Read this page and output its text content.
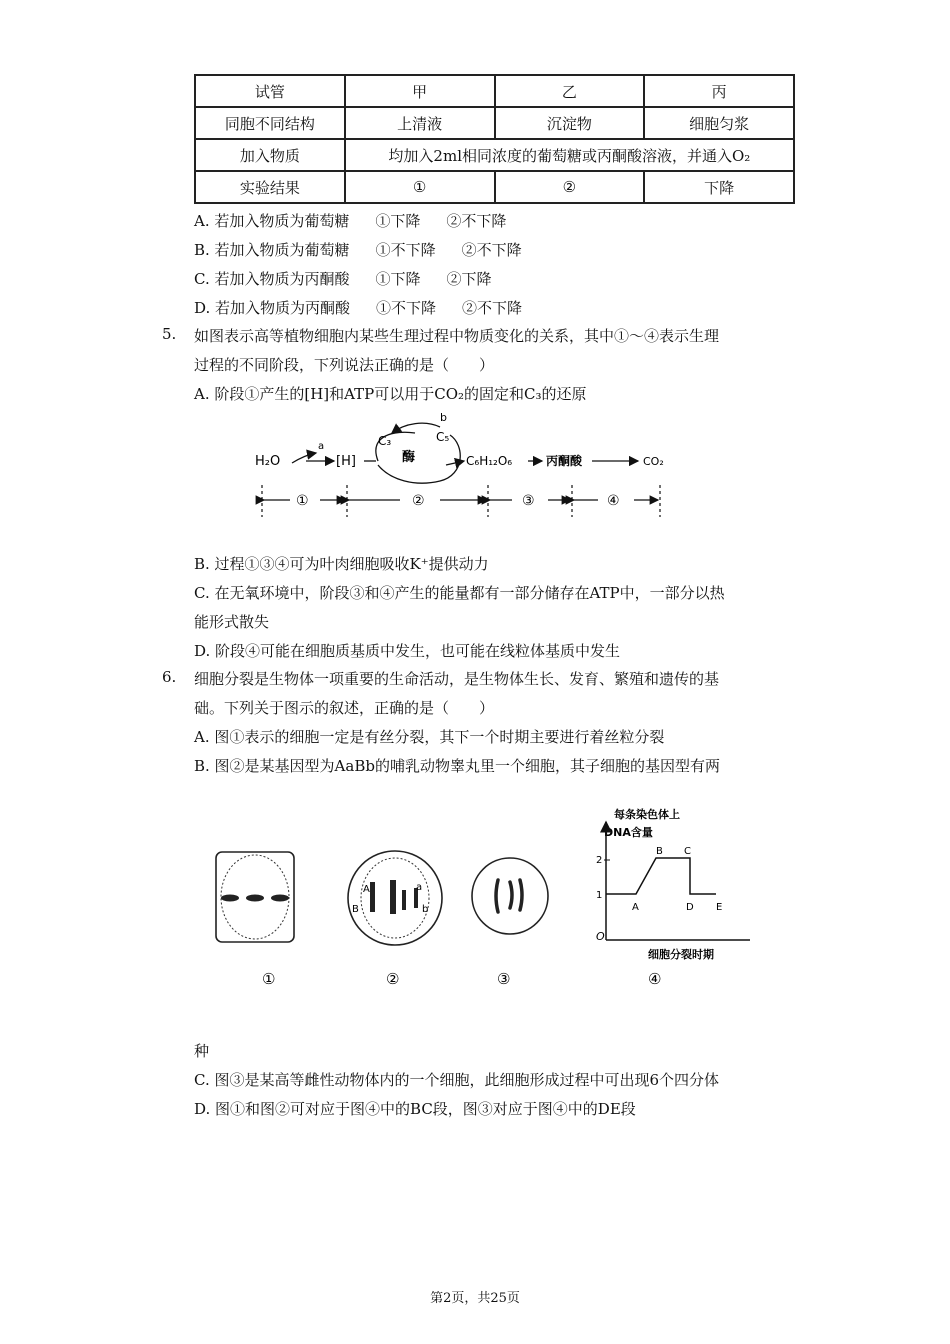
试管	甲	乙	丙
同胞不同结构	上清液	沉淀物	细胞匀浆
加入物质	均加入2ml相同浓度的葡萄糖或丙酮酸溶液，并通入O₂		
实验结果	①	②	下降
A. 若加入物质为葡萄糖 ①下降 ②不下降
B. 若加入物质为葡萄糖 ①不下降 ②不下降
C. 若加入物质为丙酮酸 ①下降 ②下降
D. 若加入物质为丙酮酸 ①不下降 ②不下降
5. 如图表示高等植物细胞内某些生理过程中物质变化的关系，其中①～④表示生理
过程的不同阶段，下列说法正确的是（　　）
A. 阶段①产生的[H]和ATP可以用于CO₂的固定和C₃的还原
H₂O
a
[H]
C₃
b
C₅
酶	C₆H₁₂O₆	丙酮酸	CO₂
①	②	③	④
B. 过程①③④可为叶肉细胞吸收K⁺提供动力
C. 在无氧环境中，阶段③和④产生的能量都有一部分储存在ATP中，一部分以热
能形式散失
D. 阶段④可能在细胞质基质中发生，也可能在线粒体基质中发生
6. 细胞分裂是生物体一项重要的生命活动，是生物体生长、发育、繁殖和遗传的基
础。下列关于图示的叙述，正确的是（　　）
A. 图①表示的细胞一定是有丝分裂，其下一个时期主要进行着丝粒分裂
B. 图②是某基因型为AaBb的哺乳动物睾丸里一个细胞，其子细胞的基因型有两
A
B
a
b
每条染色体上
DNA含量
O
1
2
A
B C
D E
细胞分裂时期
①	②	③	④
种
C. 图③是某高等雌性动物体内的一个细胞，此细胞形成过程中可出现6个四分体
D. 图①和图②可对应于图④中的BC段，图③对应于图④中的DE段
第2页，共25页
